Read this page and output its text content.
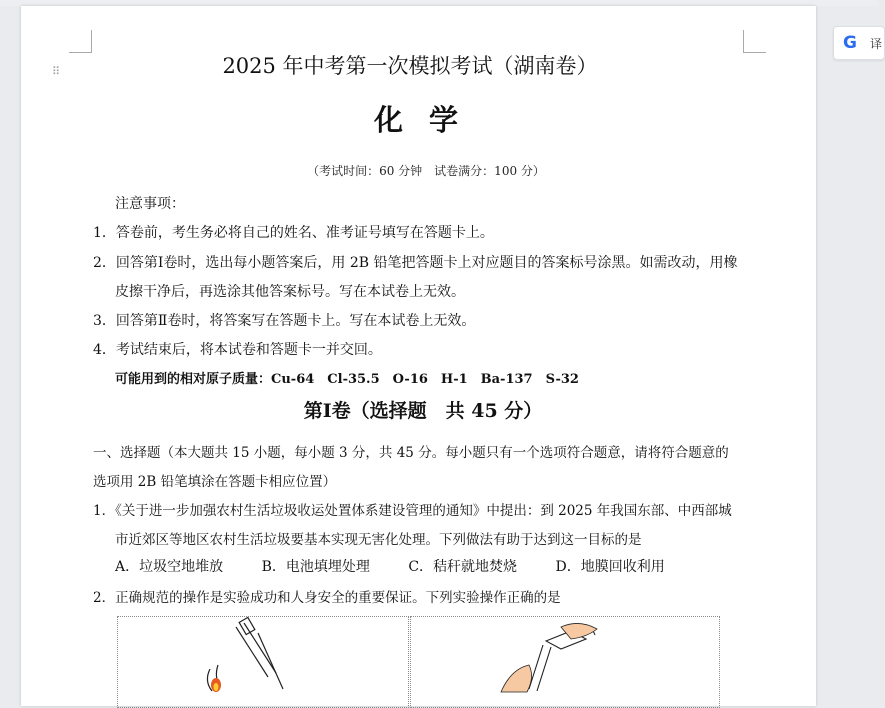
⠿	2025 年中考第一次模拟考试（湖南卷）
化学
（考试时间：60 分钟　试卷满分：100 分）
注意事项：
1．答卷前，考生务必将自己的姓名、准考证号填写在答题卡上。
2．回答第Ⅰ卷时，选出每小题答案后，用 2B 铅笔把答题卡上对应题目的答案标号涂黑。如需改动，用橡
皮擦干净后，再选涂其他答案标号。写在本试卷上无效。
3．回答第Ⅱ卷时，将答案写在答题卡上。写在本试卷上无效。
4．考试结束后，将本试卷和答题卡一并交回。
可能用到的相对原子质量：Cu-64　Cl-35.5　O-16　H-1　Ba-137　S-32
第Ⅰ卷（选择题　共 45 分）
一、选择题（本大题共 15 小题，每小题 3 分，共 45 分。每小题只有一个选项符合题意，请将符合题意的
选项用 2B 铅笔填涂在答题卡相应位置）
1．《关于进一步加强农村生活垃圾收运处置体系建设管理的通知》中提出：到 2025 年我国东部、中西部城
市近郊区等地区农村生活垃圾要基本实现无害化处理。下列做法有助于达到这一目标的是
A．垃圾空地堆放	B．电池填埋处理	C．秸秆就地焚烧	D．地膜回收利用
2．正确规范的操作是实验成功和人身安全的重要保证。下列实验操作正确的是
G 译
